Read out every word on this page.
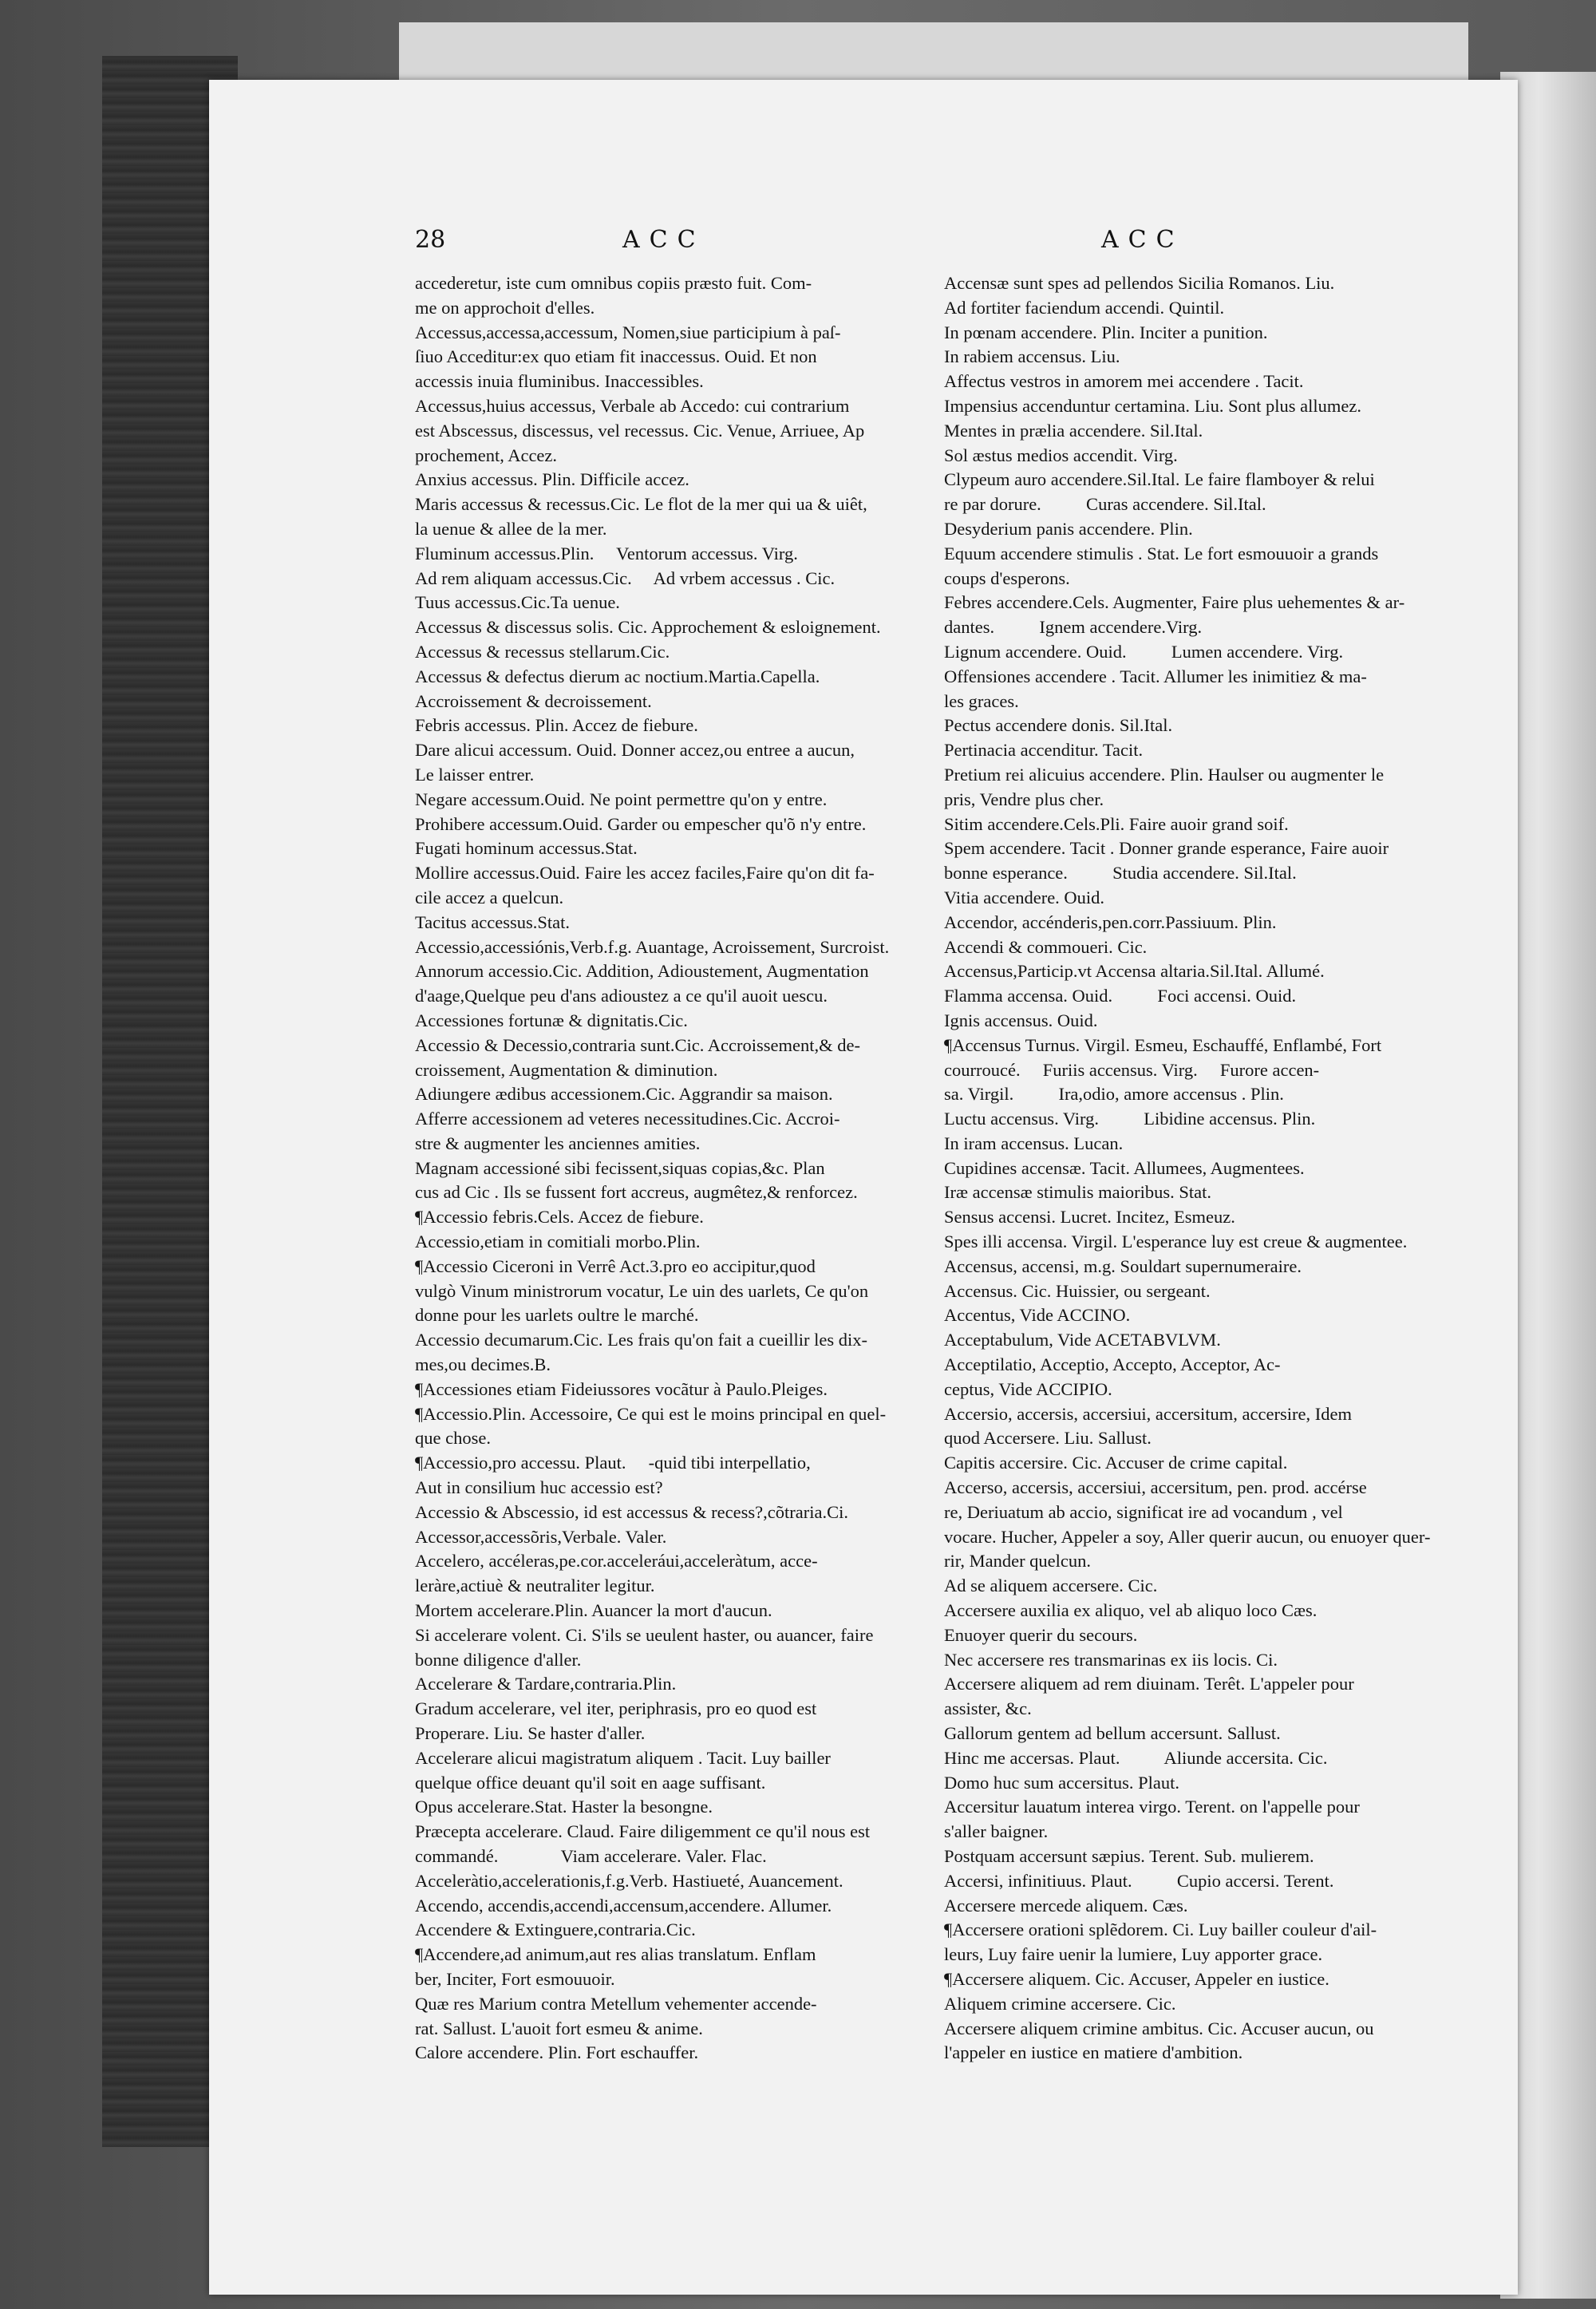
28	ACC	ACC
accederetur, iste cum omnibus copiis præsto fuit. Com-
me on approchoit d'elles.
Accessus,accessa,accessum, Nomen,siue participium à paſ-
ſiuo Acceditur:ex quo etiam fit inaccessus. Ouid. Et non
accessis inuia fluminibus. Inaccessibles.
Accessus,huius accessus, Verbale ab Accedo: cui contrarium
est Abscessus, discessus, vel recessus. Cic. Venue, Arriuee, Ap
prochement, Accez.
Anxius accessus. Plin. Difficile accez.
Maris accessus & recessus.Cic. Le flot de la mer qui ua & uiêt,
la uenue & allee de la mer.
Fluminum accessus.Plin.     Ventorum accessus. Virg.
Ad rem aliquam accessus.Cic.     Ad vrbem accessus . Cic.
Tuus accessus.Cic.Ta uenue.
Accessus & discessus solis. Cic. Approchement & esloignement.
Accessus & recessus stellarum.Cic.
Accessus & defectus dierum ac noctium.Martia.Capella.
Accroissement & decroissement.
Febris accessus. Plin. Accez de fiebure.
Dare alicui accessum. Ouid. Donner accez,ou entree a aucun,
Le laisser entrer.
Negare accessum.Ouid. Ne point permettre qu'on y entre.
Prohibere accessum.Ouid. Garder ou empescher qu'õ n'y entre.
Fugati hominum accessus.Stat.
Mollire accessus.Ouid. Faire les accez faciles,Faire qu'on dit fa-
cile accez a quelcun.
Tacitus accessus.Stat.
Accessio,accessiónis,Verb.f.g. Auantage, Acroissement, Surcroist.
Annorum accessio.Cic. Addition, Adioustement, Augmentation
d'aage,Quelque peu d'ans adioustez a ce qu'il auoit uescu.
Accessiones fortunæ & dignitatis.Cic.
Accessio & Decessio,contraria sunt.Cic. Accroissement,& de-
croissement, Augmentation & diminution.
Adiungere ædibus accessionem.Cic. Aggrandir sa maison.
Afferre accessionem ad veteres necessitudines.Cic. Accroi-
stre & augmenter les anciennes amities.
Magnam accessioné sibi fecissent,siquas copias,&c. Plan
cus ad Cic . Ils se fussent fort accreus, augmêtez,& renforcez.
¶Accessio febris.Cels. Accez de fiebure.
Accessio,etiam in comitiali morbo.Plin.
¶Accessio Ciceroni in Verrê Act.3.pro eo accipitur,quod
vulgò Vinum ministrorum vocatur, Le uin des uarlets, Ce qu'on
donne pour les uarlets oultre le marché.
Accessio decumarum.Cic. Les frais qu'on fait a cueillir les dix-
mes,ou decimes.B.
¶Accessiones etiam Fideiussores vocãtur à Paulo.Pleiges.
¶Accessio.Plin. Accessoire, Ce qui est le moins principal en quel-
que chose.
¶Accessio,pro accessu. Plaut.     -quid tibi interpellatio,
Aut in consilium huc accessio est?
Accessio & Abscessio, id est accessus & recess?,cõtraria.Ci.
Accessor,accessõris,Verbale. Valer.
Accelero, accéleras,pe.cor.acceleráui,acceleràtum, acce-
leràre,actiuè & neutraliter legitur.
Mortem accelerare.Plin. Auancer la mort d'aucun.
Si accelerare volent. Ci. S'ils se ueulent haster, ou auancer, faire
bonne diligence d'aller.
Accelerare & Tardare,contraria.Plin.
Gradum accelerare, vel iter, periphrasis, pro eo quod est
Properare. Liu. Se haster d'aller.
Accelerare alicui magistratum aliquem . Tacit. Luy bailler
quelque office deuant qu'il soit en aage suffisant.
Opus accelerare.Stat. Haster la besongne.
Præcepta accelerare. Claud. Faire diligemment ce qu'il nous est
commandé.              Viam accelerare. Valer. Flac.
Acceleràtio,accelerationis,f.g.Verb. Hastiueté, Auancement.
Accendo, accendis,accendi,accensum,accendere. Allumer.
Accendere & Extinguere,contraria.Cic.
¶Accendere,ad animum,aut res alias translatum. Enflam
ber, Inciter, Fort esmouuoir.
Quæ res Marium contra Metellum vehementer accende-
rat. Sallust. L'auoit fort esmeu & anime.
Calore accendere. Plin. Fort eschauffer.
Accensæ sunt spes ad pellendos Sicilia Romanos. Liu.
Ad fortiter faciendum accendi. Quintil.
In pœnam accendere. Plin. Inciter a punition.
In rabiem accensus. Liu.
Affectus vestros in amorem mei accendere . Tacit.
Impensius accenduntur certamina. Liu. Sont plus allumez.
Mentes in prælia accendere. Sil.Ital.
Sol æstus medios accendit. Virg.
Clypeum auro accendere.Sil.Ital. Le faire flamboyer & relui
re par dorure.          Curas accendere. Sil.Ital.
Desyderium panis accendere. Plin.
Equum accendere stimulis . Stat. Le fort esmouuoir a grands
coups d'esperons.
Febres accendere.Cels. Augmenter, Faire plus uehementes & ar-
dantes.          Ignem accendere.Virg.
Lignum accendere. Ouid.          Lumen accendere. Virg.
Offensiones accendere . Tacit. Allumer les inimitiez & ma-
les graces.
Pectus accendere donis. Sil.Ital.
Pertinacia accenditur. Tacit.
Pretium rei alicuius accendere. Plin. Haulser ou augmenter le
pris, Vendre plus cher.
Sitim accendere.Cels.Pli. Faire auoir grand soif.
Spem accendere. Tacit . Donner grande esperance, Faire auoir
bonne esperance.          Studia accendere. Sil.Ital.
Vitia accendere. Ouid.
Accendor, accénderis,pen.corr.Passiuum. Plin.
Accendi & commoueri. Cic.
Accensus,Particip.vt Accensa altaria.Sil.Ital. Allumé.
Flamma accensa. Ouid.          Foci accensi. Ouid.
Ignis accensus. Ouid.
¶Accensus Turnus. Virgil. Esmeu, Eschauffé, Enflambé, Fort
courroucé.     Furiis accensus. Virg.     Furore accen-
sa. Virgil.          Ira,odio, amore accensus . Plin.
Luctu accensus. Virg.          Libidine accensus. Plin.
In iram accensus. Lucan.
Cupidines accensæ. Tacit. Allumees, Augmentees.
Iræ accensæ stimulis maioribus. Stat.
Sensus accensi. Lucret. Incitez, Esmeuz.
Spes illi accensa. Virgil. L'esperance luy est creue & augmentee.
Accensus, accensi, m.g. Souldart supernumeraire.
Accensus. Cic. Huissier, ou sergeant.
Accentus, Vide ACCINO.
Acceptabulum, Vide ACETABVLVM.
Acceptilatio, Acceptio, Accepto, Acceptor, Ac-
ceptus, Vide ACCIPIO.
Accersio, accersis, accersiui, accersitum, accersire, Idem
quod Accersere. Liu. Sallust.
Capitis accersire. Cic. Accuser de crime capital.
Accerso, accersis, accersiui, accersitum, pen. prod. accérse
re, Deriuatum ab accio, significat ire ad vocandum , vel
vocare. Hucher, Appeler a soy, Aller querir aucun, ou enuoyer quer-
rir, Mander quelcun.
Ad se aliquem accersere. Cic.
Accersere auxilia ex aliquo, vel ab aliquo loco Cæs.
Enuoyer querir du secours.
Nec accersere res transmarinas ex iis locis. Ci.
Accersere aliquem ad rem diuinam. Terêt. L'appeler pour
assister, &c.
Gallorum gentem ad bellum accersunt. Sallust.
Hinc me accersas. Plaut.          Aliunde accersita. Cic.
Domo huc sum accersitus. Plaut.
Accersitur lauatum interea virgo. Terent. on l'appelle pour
s'aller baigner.
Postquam accersunt sæpius. Terent. Sub. mulierem.
Accersi, infinitiuus. Plaut.          Cupio accersi. Terent.
Accersere mercede aliquem. Cæs.
¶Accersere orationi splẽdorem. Ci. Luy bailler couleur d'ail-
leurs, Luy faire uenir la lumiere, Luy apporter grace.
¶Accersere aliquem. Cic. Accuser, Appeler en iustice.
Aliquem crimine accersere. Cic.
Accersere aliquem crimine ambitus. Cic. Accuser aucun, ou
l'appeler en iustice en matiere d'ambition.
